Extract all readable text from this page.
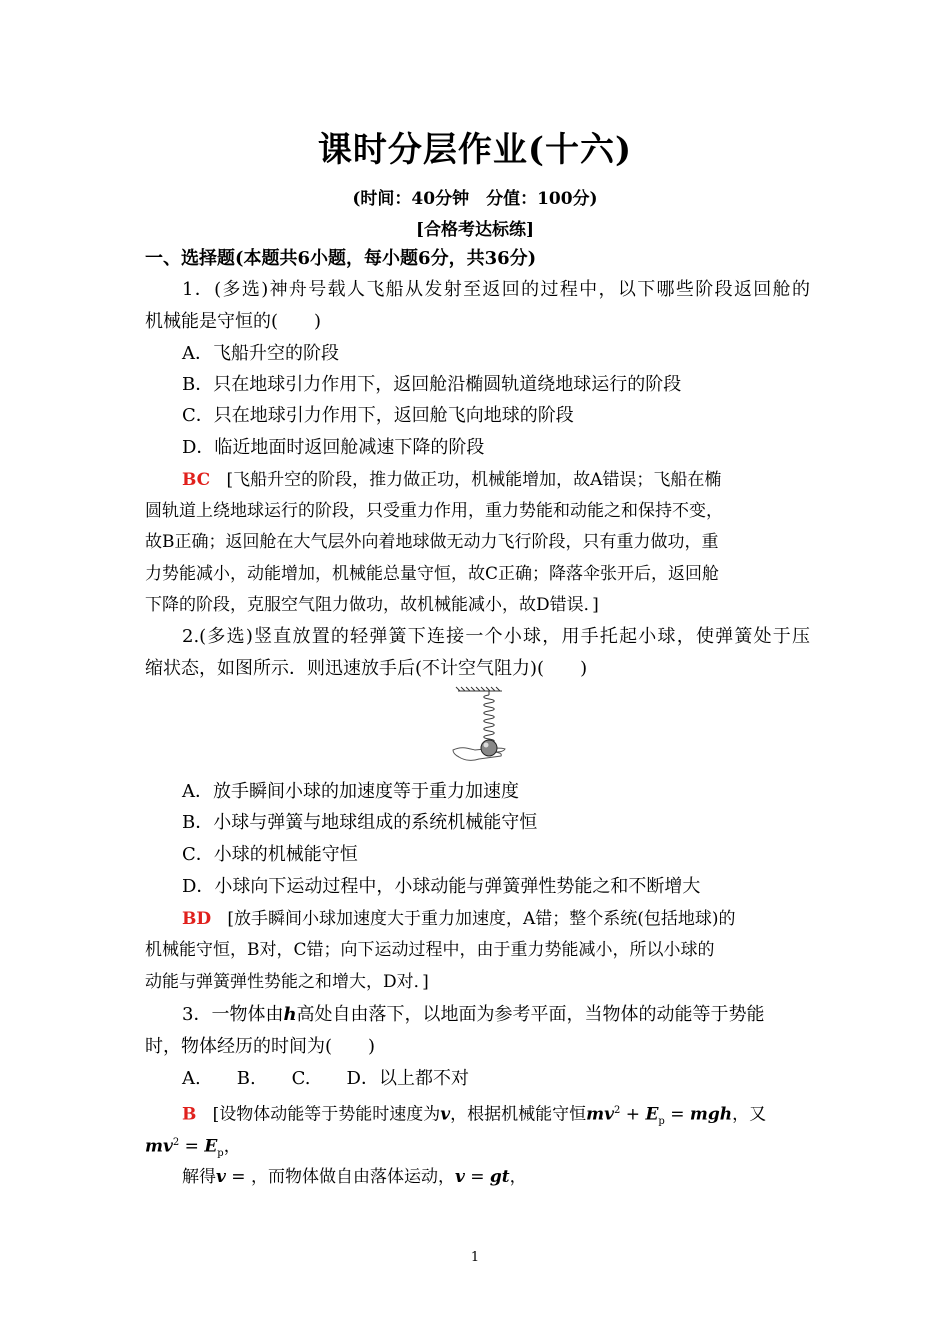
课时分层作业(十六)
(时间：40分钟　分值：100分)
[合格考达标练]
一、选择题(本题共6小题，每小题6分，共36分)
1．(多选)神舟号载人飞船从发射至返回的过程中，以下哪些阶段返回舱的
机械能是守恒的(　　)
A．飞船升空的阶段
B．只在地球引力作用下，返回舱沿椭圆轨道绕地球运行的阶段
C．只在地球引力作用下，返回舱飞向地球的阶段
D．临近地面时返回舱减速下降的阶段
BC [飞船升空的阶段，推力做正功，机械能增加，故A错误；飞船在椭
圆轨道上绕地球运行的阶段，只受重力作用，重力势能和动能之和保持不变，
故B正确；返回舱在大气层外向着地球做无动力飞行阶段，只有重力做功，重
力势能减小，动能增加，机械能总量守恒，故C正确；降落伞张开后，返回舱
下降的阶段，克服空气阻力做功，故机械能减小，故D错误．]
2.(多选)竖直放置的轻弹簧下连接一个小球，用手托起小球，使弹簧处于压
缩状态，如图所示．则迅速放手后(不计空气阻力)(　　)
A．放手瞬间小球的加速度等于重力加速度
B．小球与弹簧与地球组成的系统机械能守恒
C．小球的机械能守恒
D．小球向下运动过程中，小球动能与弹簧弹性势能之和不断增大
BD [放手瞬间小球加速度大于重力加速度，A错；整个系统(包括地球)的
机械能守恒，B对，C错；向下运动过程中，由于重力势能减小，所以小球的
动能与弹簧弹性势能之和增大，D对．]
3．一物体由h高处自由落下，以地面为参考平面，当物体的动能等于势能
时，物体经历的时间为(　　)
A.　　B.　　C.　　D．以上都不对
B [设物体动能等于势能时速度为v，根据机械能守恒$mv^2 + E_p$ = mgh，又
$mv^2 = E_p$，
解得v = ，而物体做自由落体运动，v = gt，
1
